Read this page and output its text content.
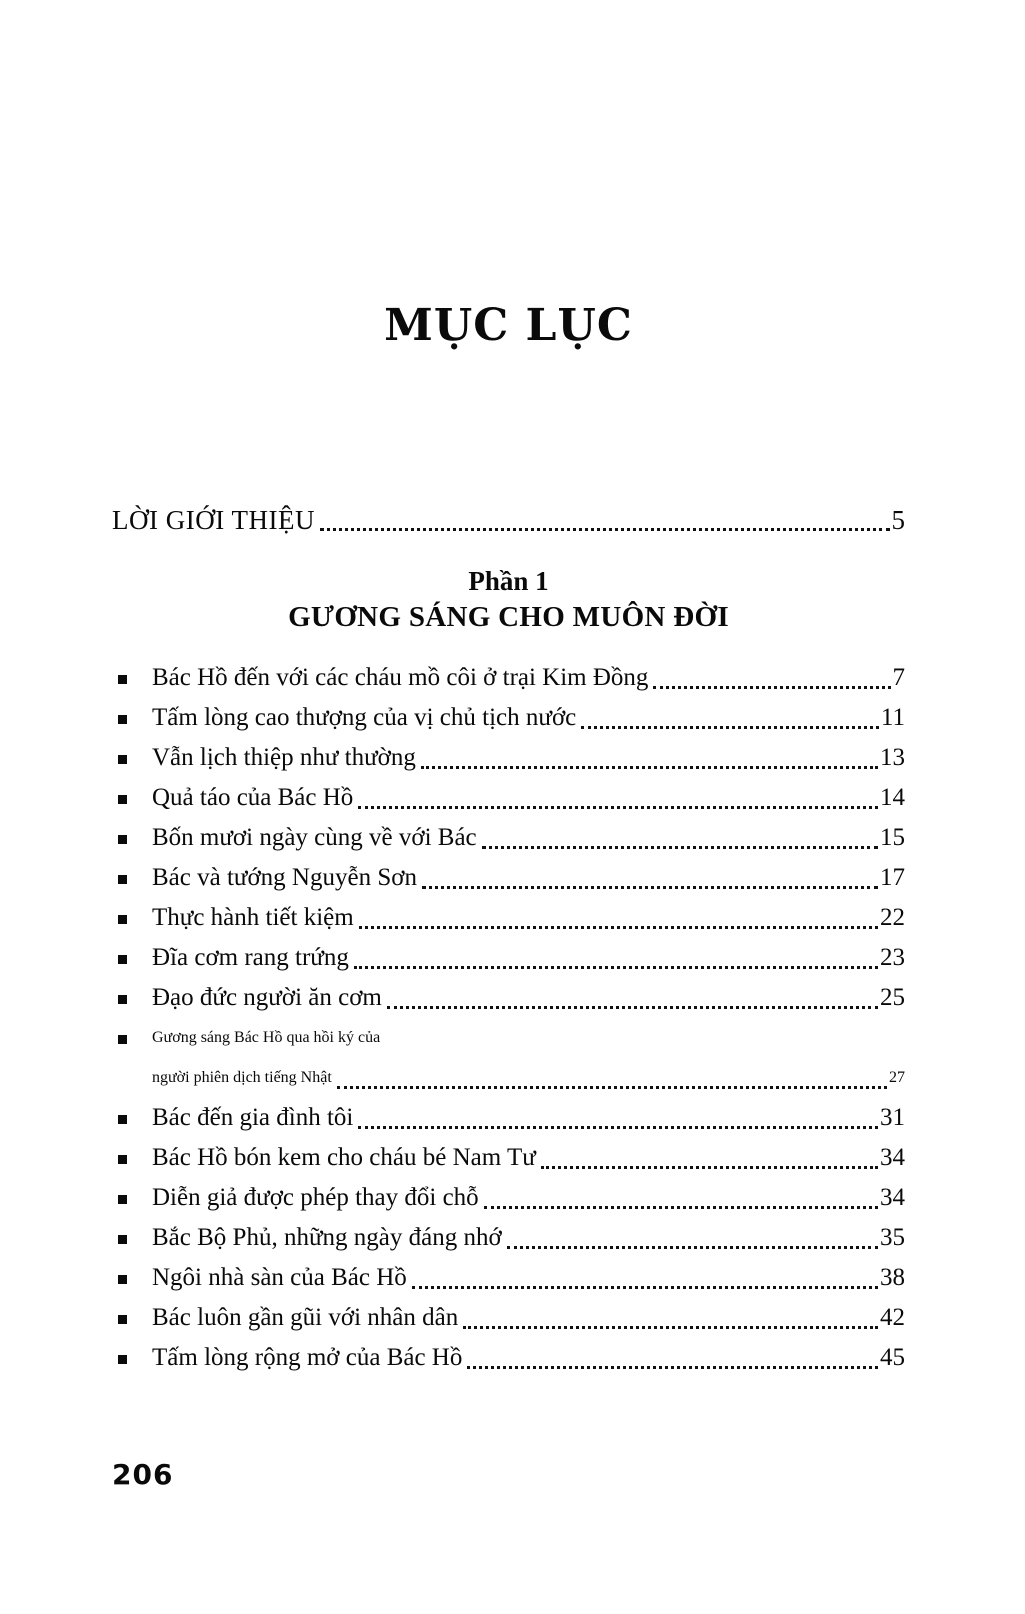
MỤC LỤC
LỜI GIỚI THIỆU	5
Phần 1
GƯƠNG SÁNG CHO MUÔN ĐỜI
Bác Hồ đến với các cháu mồ côi ở trại Kim Đồng	7
Tấm lòng cao thượng của vị chủ tịch nước	11
Vẫn lịch thiệp như thường	13
Quả táo của Bác Hồ	14
Bốn mươi ngày cùng về với Bác	15
Bác và tướng Nguyễn Sơn	17
Thực hành tiết kiệm	22
Đĩa cơm rang trứng	23
Đạo đức người ăn cơm	25
Gương sáng Bác Hồ qua hồi ký của
người phiên dịch tiếng Nhật	27
Bác đến gia đình tôi	31
Bác Hồ bón kem cho cháu bé Nam Tư	34
Diễn giả được phép thay đổi chỗ	34
Bắc Bộ Phủ, những ngày đáng nhớ	35
Ngôi nhà sàn của Bác Hồ	38
Bác luôn gần gũi với nhân dân	42
Tấm lòng rộng mở của Bác Hồ	45
206
